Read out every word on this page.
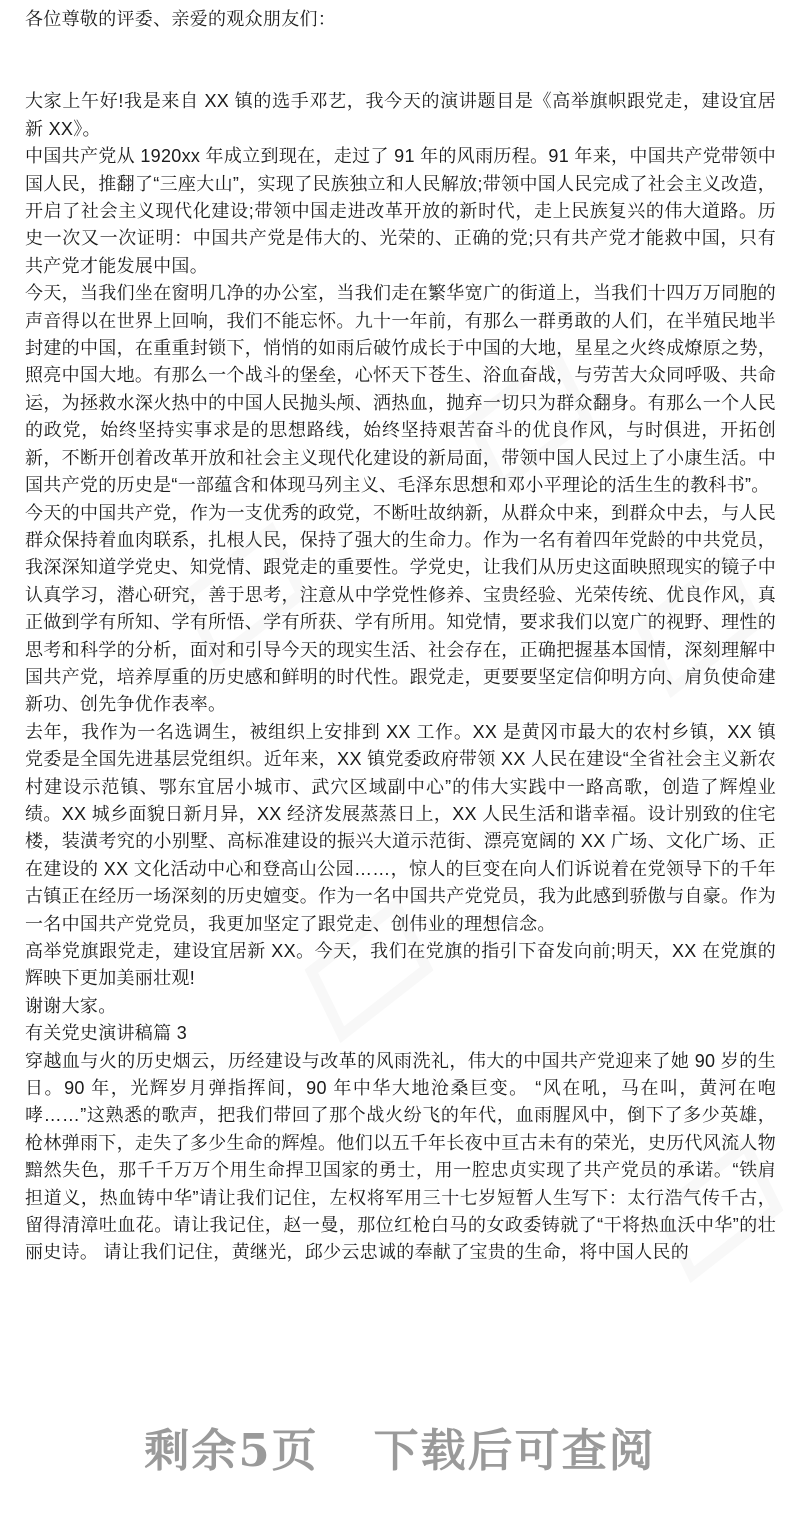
各位尊敬的评委、亲爱的观众朋友们：

大家上午好!我是来自 XX 镇的选手邓艺，我今天的演讲题目是《高举旗帜跟党走，建设宜居新 XX》。

中国共产党从 1920xx 年成立到现在，走过了 91 年的风雨历程。91 年来，中国共产党带领中国人民，推翻了“三座大山”，实现了民族独立和人民解放;带领中国人民完成了社会主义改造，开启了社会主义现代化建设;带领中国走进改革开放的新时代，走上民族复兴的伟大道路。历史一次又一次证明：中国共产党是伟大的、光荣的、正确的党;只有共产党才能救中国，只有共产党才能发展中国。

今天，当我们坐在窗明几净的办公室，当我们走在繁华宽广的街道上，当我们十四万万同胞的声音得以在世界上回响，我们不能忘怀。九十一年前，有那么一群勇敢的人们，在半殖民地半封建的中国，在重重封锁下，悄悄的如雨后破竹成长于中国的大地，星星之火终成燎原之势，照亮中国大地。有那么一个战斗的堡垒，心怀天下苍生、浴血奋战，与劳苦大众同呼吸、共命运，为拯救水深火热中的中国人民抛头颅、洒热血，抛弃一切只为群众翻身。有那么一个人民的政党，始终坚持实事求是的思想路线，始终坚持艰苦奋斗的优良作风，与时俱进，开拓创新，不断开创着改革开放和社会主义现代化建设的新局面，带领中国人民过上了小康生活。中国共产党的历史是“一部蕴含和体现马列主义、毛泽东思想和邓小平理论的活生生的教科书”。

今天的中国共产党，作为一支优秀的政党，不断吐故纳新，从群众中来，到群众中去，与人民群众保持着血肉联系，扎根人民，保持了强大的生命力。作为一名有着四年党龄的中共党员，我深深知道学党史、知党情、跟党走的重要性。学党史，让我们从历史这面映照现实的镜子中认真学习，潜心研究，善于思考，注意从中学党性修养、宝贵经验、光荣传统、优良作风，真正做到学有所知、学有所悟、学有所获、学有所用。知党情，要求我们以宽广的视野、理性的思考和科学的分析，面对和引导今天的现实生活、社会存在，正确把握基本国情，深刻理解中国共产党，培养厚重的历史感和鲜明的时代性。跟党走，更要要坚定信仰明方向、肩负使命建新功、创先争优作表率。

去年，我作为一名选调生，被组织上安排到 XX 工作。XX 是黄冈市最大的农村乡镇，XX 镇党委是全国先进基层党组织。近年来，XX 镇党委政府带领 XX 人民在建设“全省社会主义新农村建设示范镇、鄂东宜居小城市、武穴区域副中心”的伟大实践中一路高歌，创造了辉煌业绩。XX 城乡面貌日新月异，XX 经济发展蒸蒸日上，XX 人民生活和谐幸福。设计别致的住宅楼，装潢考究的小别墅、高标准建设的振兴大道示范街、漂亮宽阔的 XX 广场、文化广场、正在建设的 XX 文化活动中心和登高山公园……，惊人的巨变在向人们诉说着在党领导下的千年古镇正在经历一场深刻的历史嬗变。作为一名中国共产党党员，我为此感到骄傲与自豪。作为一名中国共产党党员，我更加坚定了跟党走、创伟业的理想信念。

高举党旗跟党走，建设宜居新 XX。今天，我们在党旗的指引下奋发向前;明天，XX 在党旗的辉映下更加美丽壮观!

谢谢大家。

有关党史演讲稿篇 3

穿越血与火的历史烟云，历经建设与改革的风雨洗礼，伟大的中国共产党迎来了她 90 岁的生日。90 年，光辉岁月弹指挥间，90 年中华大地沧桑巨变。 “风在吼，马在叫，黄河在咆哮……”这熟悉的歌声，把我们带回了那个战火纷飞的年代，血雨腥风中，倒下了多少英雄，枪林弹雨下，走失了多少生命的辉煌。他们以五千年长夜中亘古未有的荣光，史历代风流人物黯然失色，那千千万万个用生命捍卫国家的勇士，用一腔忠贞实现了共产党员的承诺。“铁肩担道义，热血铸中华”请让我们记住，左权将军用三十七岁短暂人生写下：太行浩气传千古，留得清漳吐血花。请让我记住，赵一曼，那位红枪白马的女政委铸就了“干将热血沃中华”的壮丽史诗。 请让我们记住，黄继光，邱少云忠诚的奉献了宝贵的生命，将中国人民的

剩余5页 下载后可查阅
